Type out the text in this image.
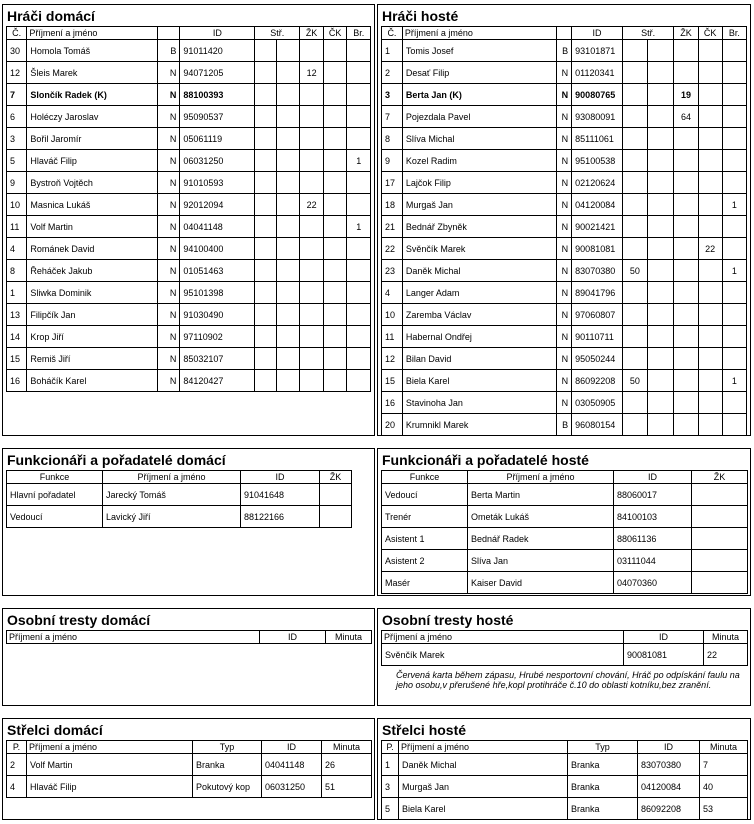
Hráči domácí
Č.	Příjmení a jméno		ID	Stř.		ŽK	ČK	Br.
30	Homola Tomáš	B	91011420					
12	Šleis Marek	N	94071205			12		
7	Slončík Radek (K)	N	88100393					
6	Holéczy Jaroslav	N	95090537					
3	Bořil Jaromír	N	05061119					
5	Hlaváč Filip	N	06031250					1
9	Bystroň Vojtěch	N	91010593					
10	Masnica Lukáš	N	92012094			22		
11	Volf Martin	N	04041148					1
4	Románek David	N	94100400					
8	Řeháček Jakub	N	01051463					
1	Sliwka Dominik	N	95101398					
13	Filipčík Jan	N	91030490					
14	Krop Jiří	N	97110902					
15	Remiš Jiří	N	85032107					
16	Boháčík Karel	N	84120427					
Hráči hosté
Č.	Příjmení a jméno		ID	Stř.		ŽK	ČK	Br.
1	Tomis Josef	B	93101871					
2	Desať Filip	N	01120341					
3	Berta Jan (K)	N	90080765			19		
7	Pojezdala Pavel	N	93080091			64		
8	Slíva Michal	N	85111061					
9	Kozel Radim	N	95100538					
17	Lajčok Filip	N	02120624					
18	Murgaš Jan	N	04120084					1
21	Bednář Zbyněk	N	90021421					
22	Svěnčík Marek	N	90081081				22	
23	Daněk Michal	N	83070380	50				1
4	Langer Adam	N	89041796					
10	Zaremba Václav	N	97060807					
11	Habernal Ondřej	N	90110711					
12	Bilan David	N	95050244					
15	Biela Karel	N	86092208	50				1
16	Stavinoha Jan	N	03050905					
20	Krumnikl Marek	B	96080154					
Funkcionáři a pořadatelé domácí
Funkce	Příjmení a jméno	ID	ŽK
Hlavní pořadatel	Jarecký Tomáš	91041648	
Vedoucí	Lavický Jiří	88122166	
Funkcionáři a pořadatelé hosté
Funkce	Příjmení a jméno	ID	ŽK
Vedoucí	Berta Martin	88060017	
Trenér	Ometák Lukáš	84100103	
Asistent 1	Bednář Radek	88061136	
Asistent 2	Slíva Jan	03111044	
Masér	Kaiser David	04070360	
Osobní tresty domácí
Příjmení a jméno	ID	Minuta
Osobní tresty hosté
Příjmení a jméno	ID	Minuta
Svěnčík Marek	90081081	22
Červená karta během zápasu, Hrubé nesportovní chování, Hráč po odpískání faulu na jeho osobu,v přerušené hře,kopl protihráče č.10 do oblasti kotníku,bez zranění.
Střelci domácí
P.	Příjmení a jméno	Typ	ID	Minuta
2	Volf Martin	Branka	04041148	26
4	Hlaváč Filip	Pokutový kop	06031250	51
Střelci hosté
P.	Příjmení a jméno	Typ	ID	Minuta
1	Daněk Michal	Branka	83070380	7
3	Murgaš Jan	Branka	04120084	40
5	Biela Karel	Branka	86092208	53
